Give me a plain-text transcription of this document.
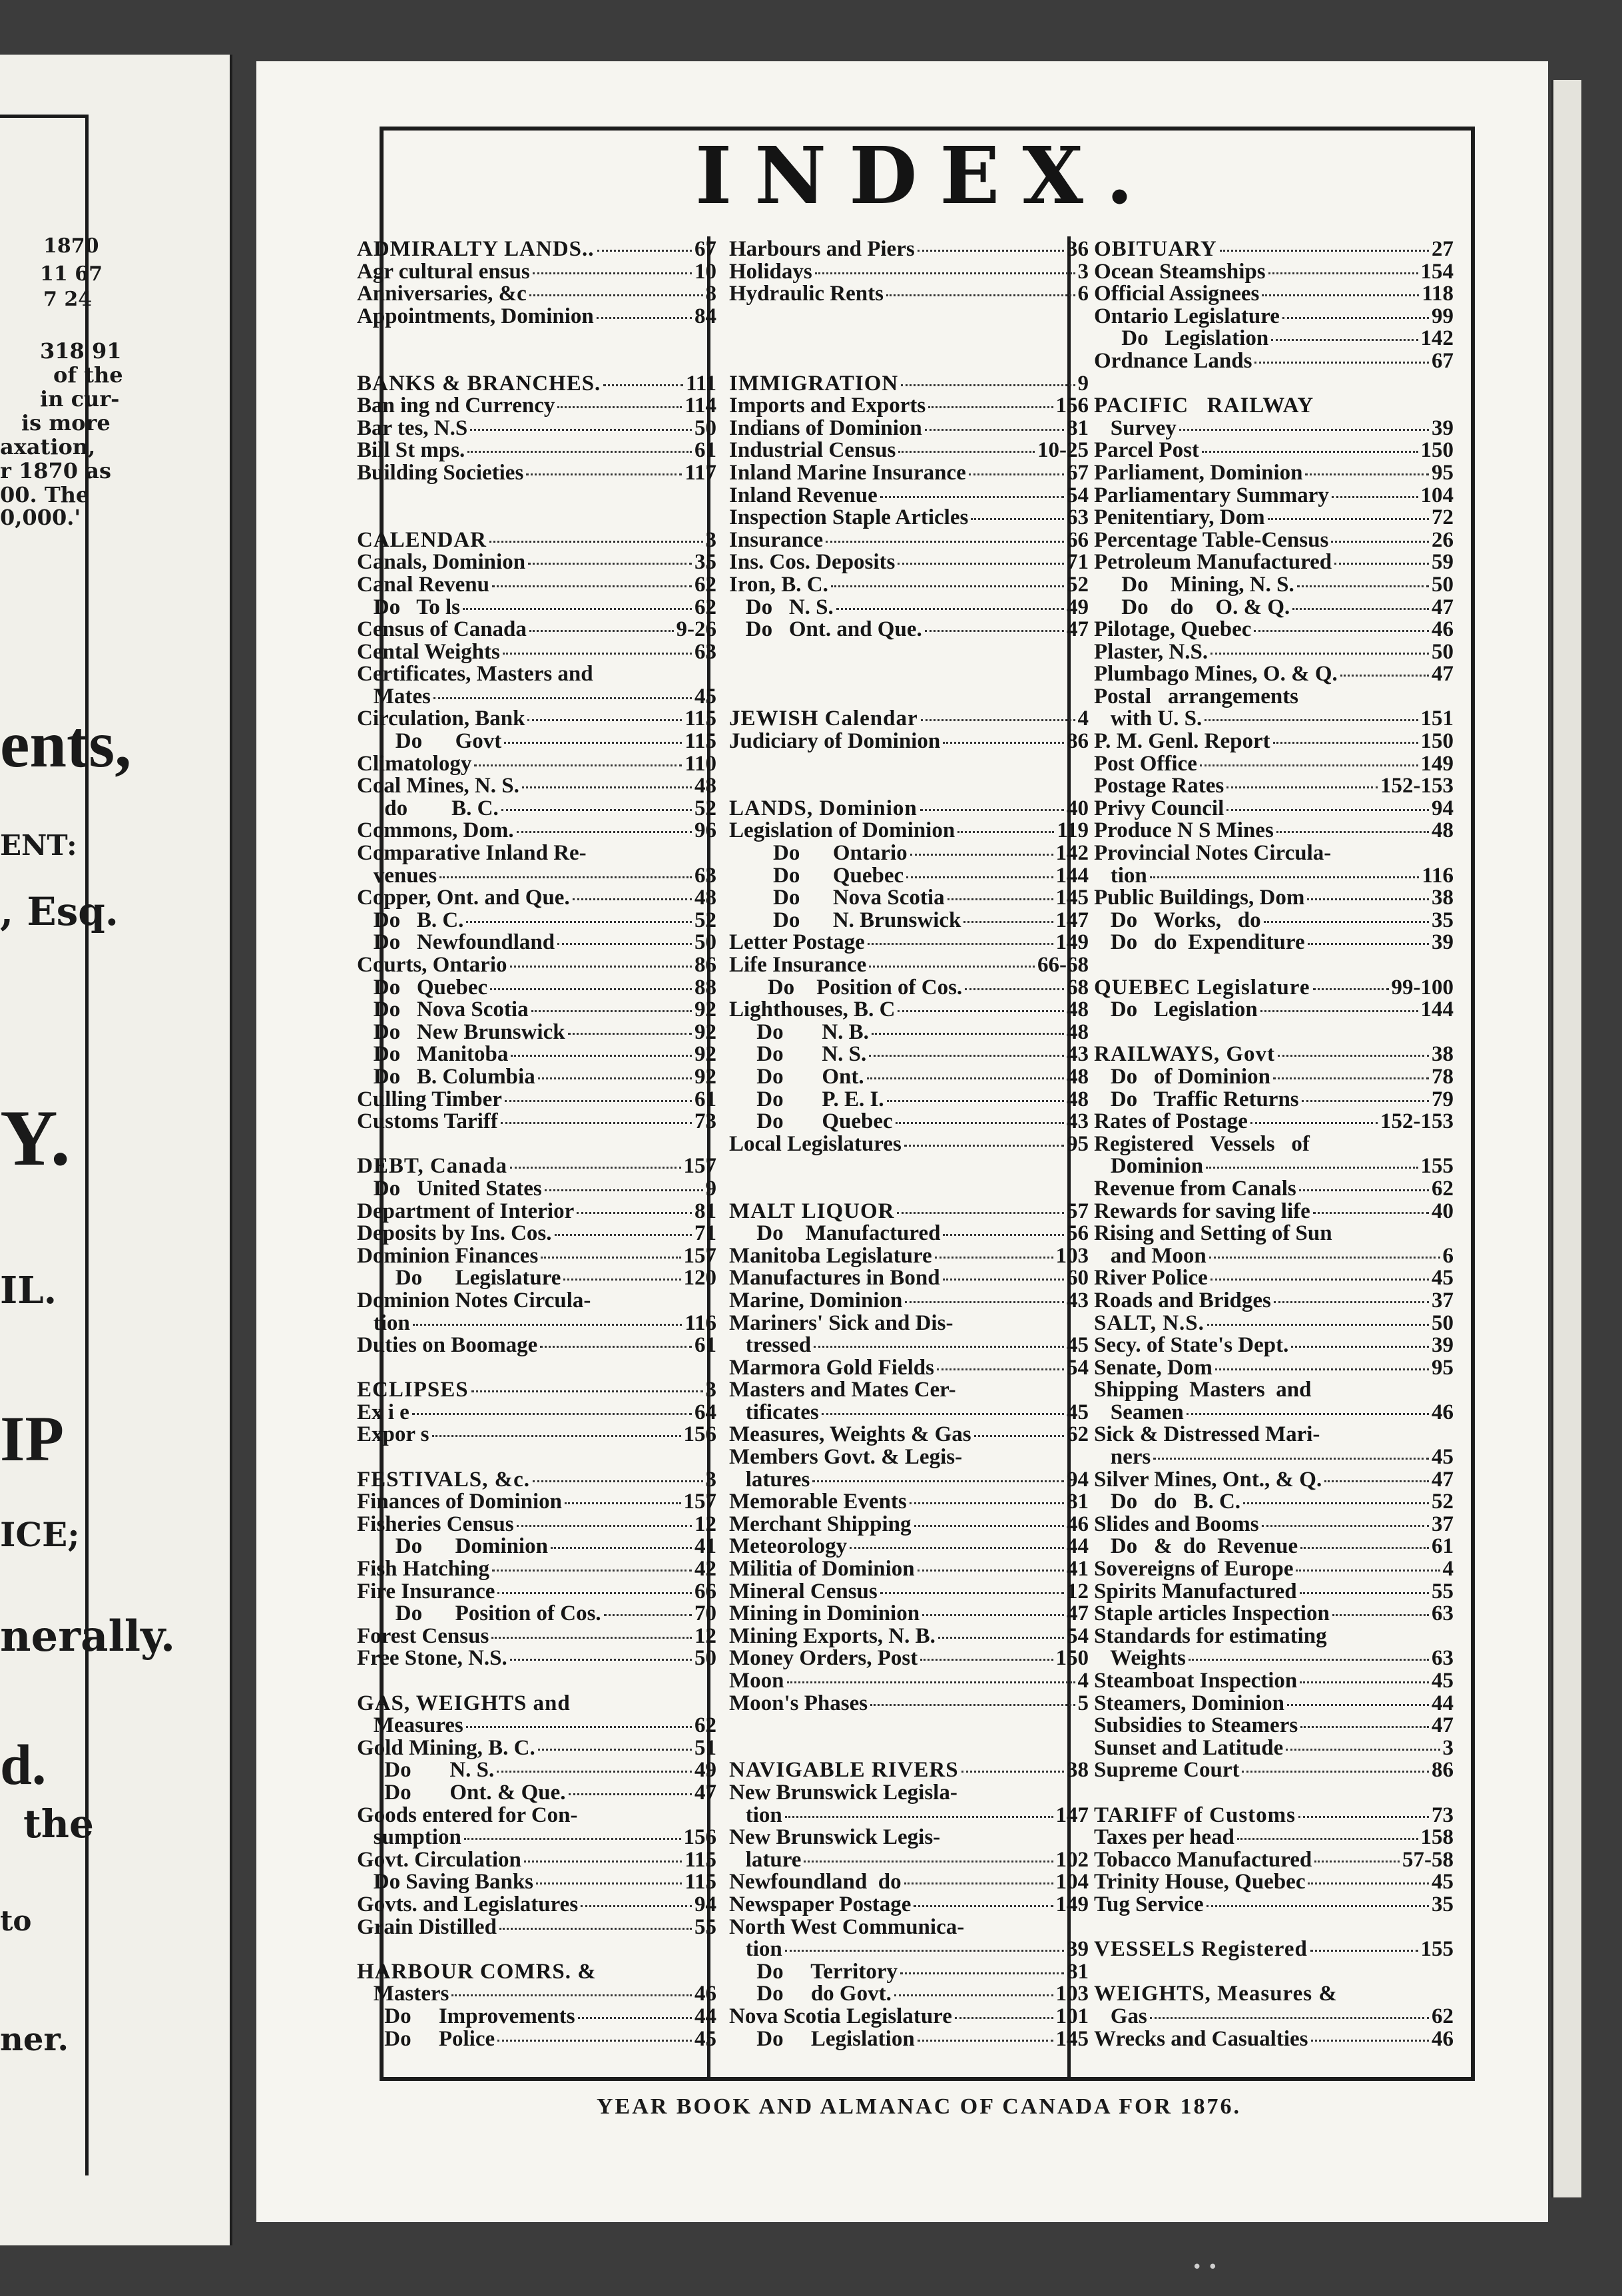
1870
11 67
7 24
318 91
of the
in cur-
is more
axation,
r 1870 as
00. The
0,000.'
ents,
ENT:
, Esq.
Y.
IL.
IP
ICE;
nerally.
d.
the
to
ner.
INDEX.
ADMIRALTY LANDS..	67
Agr cultural ensus	10
Anniversaries, &c	8
Appointments, Dominion	84
BANKS & BRANCHES.	111
Ban ing nd Currency	114
Bar tes, N.S	50
Bill St mps.	61
Building Societies	117
CALENDAR	3
Canals, Dominion	35
Canal Revenu	62
Do   To ls	62
Census of Canada	9-26
Cental Weights	63
Certificates, Masters and
Mates	45
Circulation, Bank	115
Do      Govt	115
Climatology	110
Coal Mines, N. S.	48
do        B. C.	52
Commons, Dom.	96
Comparative Inland Re-
venues	63
Copper, Ont. and Que.	48
Do   B. C.	52
Do   Newfoundland	50
Courts, Ontario	86
Do   Quebec	88
Do   Nova Scotia	92
Do   New Brunswick	92
Do   Manitoba	92
Do   B. Columbia	92
Culling Timber	61
Customs Tariff	73
DEBT, Canada	157
Do   United States	9
Department of Interior	81
Deposits by Ins. Cos.	71
Dominion Finances	157
Do      Legislature	120
Dominion Notes Circula-
tion	116
Duties on Boomage	61
ECLIPSES	3
Ex i e	64
Expor s	156
FESTIVALS, &c.	3
Finances of Dominion	157
Fisheries Census	12
Do      Dominion	41
Fish Hatching	42
Fire Insurance	66
Do      Position of Cos.	70
Forest Census	12
Free Stone, N.S.	50
GAS, WEIGHTS and
Measures	62
Gold Mining, B. C.	51
Do       N. S.	49
Do       Ont. & Que.	47
Goods entered for Con-
sumption	156
Govt. Circulation	115
Do Saving Banks	115
Govts. and Legislatures	94
Grain Distilled	55
HARBOUR COMRS. &
Masters	46
Do     Improvements	44
Do     Police	45
Harbours and Piers	36
Holidays	3
Hydraulic Rents	6
IMMIGRATION	9
Imports and Exports	156
Indians of Dominion	81
Industrial Census	10-25
Inland Marine Insurance	67
Inland Revenue	54
Inspection Staple Articles	63
Insurance	66
Ins. Cos. Deposits	71
Iron, B. C.	52
Do   N. S.	49
Do   Ont. and Que.	47
JEWISH Calendar	4
Judiciary of Dominion	86
LANDS, Dominion	40
Legislation of Dominion	119
Do      Ontario	142
Do      Quebec	144
Do      Nova Scotia	145
Do      N. Brunswick	147
Letter Postage	149
Life Insurance	66-68
Do    Position of Cos.	68
Lighthouses, B. C	48
Do       N. B.	48
Do       N. S.	43
Do       Ont.	48
Do       P. E. I.	48
Do       Quebec	43
Local Legislatures	95
MALT LIQUOR	57
Do    Manufactured	56
Manitoba Legislature	103
Manufactures in Bond	60
Marine, Dominion	43
Mariners' Sick and Dis-
tressed	45
Marmora Gold Fields	54
Masters and Mates Cer-
tificates	45
Measures, Weights & Gas	62
Members Govt. & Legis-
latures	94
Memorable Events	81
Merchant Shipping	46
Meteorology	44
Militia of Dominion	41
Mineral Census	12
Mining in Dominion	47
Mining Exports, N. B.	54
Money Orders, Post	150
Moon	4
Moon's Phases	5
NAVIGABLE RIVERS	38
New Brunswick Legisla-
tion	147
New Brunswick Legis-
lature	102
Newfoundland  do	104
Newspaper Postage	149
North West Communica-
tion	39
Do     Territory	81
Do     do Govt.	103
Nova Scotia Legislature	101
Do     Legislation	145
OBITUARY	27
Ocean Steamships	154
Official Assignees	118
Ontario Legislature	99
Do   Legislation	142
Ordnance Lands	67
PACIFIC   RAILWAY
Survey	39
Parcel Post	150
Parliament, Dominion	95
Parliamentary Summary	104
Penitentiary, Dom	72
Percentage Table-Census	26
Petroleum Manufactured	59
Do    Mining, N. S.	50
Do    do    O. & Q.	47
Pilotage, Quebec	46
Plaster, N.S.	50
Plumbago Mines, O. & Q.	47
Postal   arrangements
with U. S.	151
P. M. Genl. Report	150
Post Office	149
Postage Rates	152-153
Privy Council	94
Produce N S Mines	48
Provincial Notes Circula-
tion	116
Public Buildings, Dom	38
Do   Works,   do	35
Do   do  Expenditure	39
QUEBEC Legislature	99-100
Do   Legislation	144
RAILWAYS, Govt	38
Do   of Dominion	78
Do   Traffic Returns	79
Rates of Postage	152-153
Registered   Vessels   of
Dominion	155
Revenue from Canals	62
Rewards for saving life	40
Rising and Setting of Sun
and Moon	6
River Police	45
Roads and Bridges	37
SALT, N.S.	50
Secy. of State's Dept.	39
Senate, Dom	95
Shipping  Masters  and
Seamen	46
Sick & Distressed Mari-
ners	45
Silver Mines, Ont., & Q.	47
Do   do   B. C.	52
Slides and Booms	37
Do   &  do  Revenue	61
Sovereigns of Europe	4
Spirits Manufactured	55
Staple articles Inspection	63
Standards for estimating
Weights	63
Steamboat Inspection	45
Steamers, Dominion	44
Subsidies to Steamers	47
Sunset and Latitude	3
Supreme Court	86
TARIFF of Customs	73
Taxes per head	158
Tobacco Manufactured	57-58
Trinity House, Quebec	45
Tug Service	35
VESSELS Registered	155
WEIGHTS, Measures &
Gas	62
Wrecks and Casualties	46
YEAR BOOK AND ALMANAC OF CANADA FOR 1876.
• •
